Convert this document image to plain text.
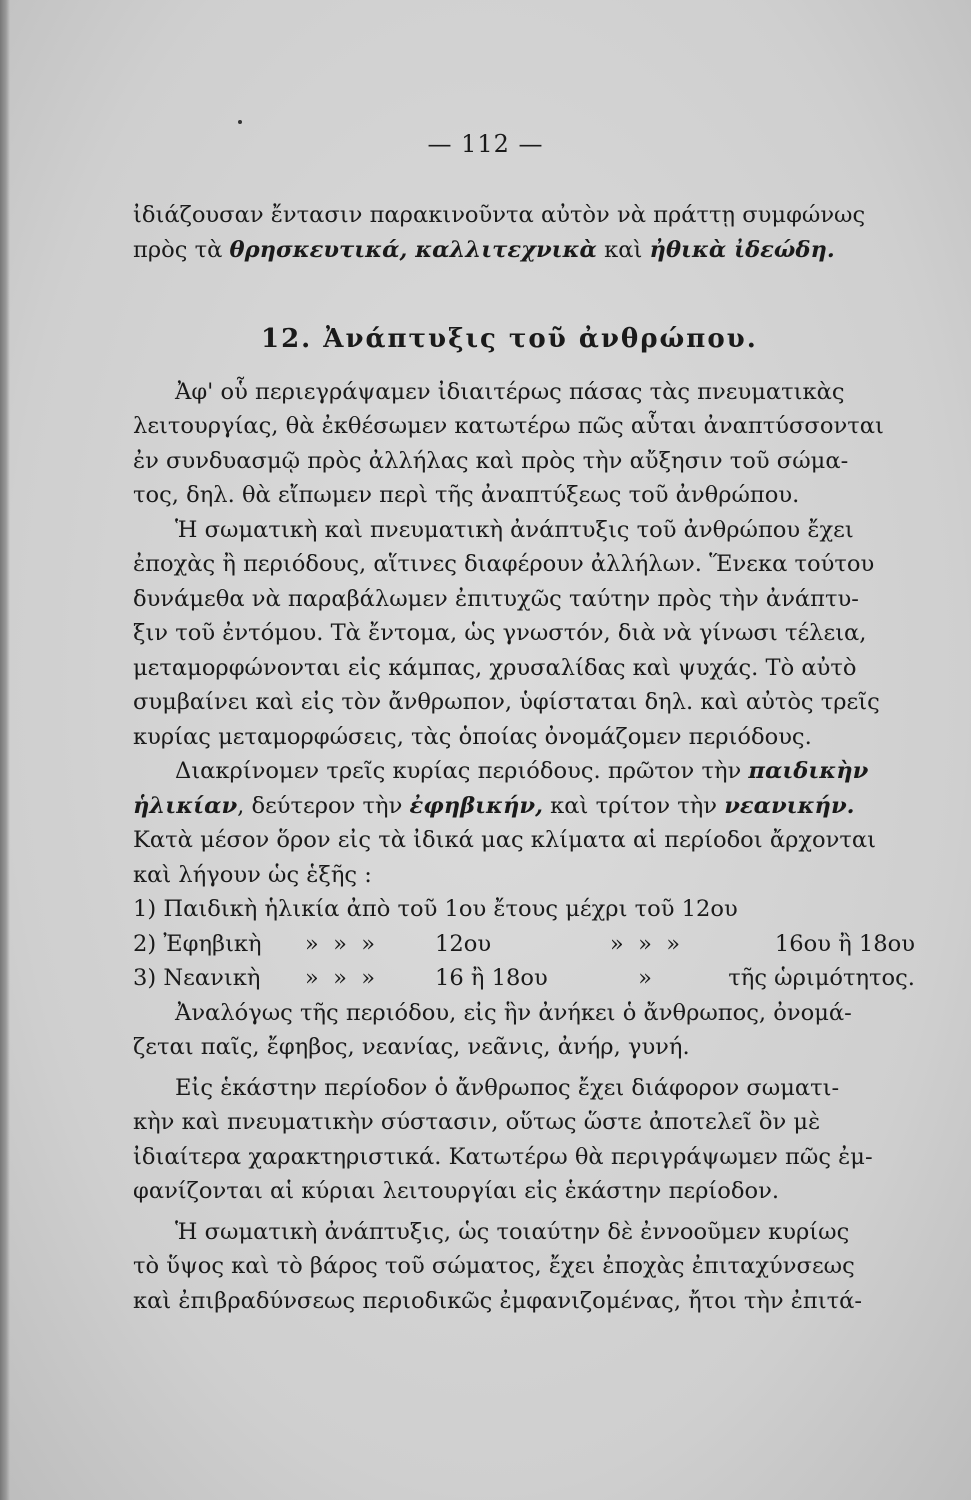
— 112 —
ἰδιάζουσαν ἔντασιν παρακινοῦντα αὐτὸν νὰ πράττῃ συμφώνως
πρὸς τὰ θρησκευτικά, καλλιτεχνικὰ καὶ ἠθικὰ ἰδεώδη.
12. Ἀνάπτυξις τοῦ ἀνθρώπου.
Ἀφ' οὗ περιεγράψαμεν ἰδιαιτέρως πάσας τὰς πνευματικὰς
λειτουργίας, θὰ ἐκθέσωμεν κατωτέρω πῶς αὗται ἀναπτύσσονται
ἐν συνδυασμῷ πρὸς ἀλλήλας καὶ πρὸς τὴν αὔξησιν τοῦ σώμα-
τος, δηλ. θὰ εἴπωμεν περὶ τῆς ἀναπτύξεως τοῦ ἀνθρώπου.
Ἡ σωματικὴ καὶ πνευματικὴ ἀνάπτυξις τοῦ ἀνθρώπου ἔχει
ἐποχὰς ἢ περιόδους, αἵτινες διαφέρουν ἀλλήλων. Ἕνεκα τούτου
δυνάμεθα νὰ παραβάλωμεν ἐπιτυχῶς ταύτην πρὸς τὴν ἀνάπτυ-
ξιν τοῦ ἐντόμου. Τὰ ἔντομα, ὡς γνωστόν, διὰ νὰ γίνωσι τέλεια,
μεταμορφώνονται εἰς κάμπας, χρυσαλίδας καὶ ψυχάς. Τὸ αὐτὸ
συμβαίνει καὶ εἰς τὸν ἄνθρωπον, ὑφίσταται δηλ. καὶ αὐτὸς τρεῖς
κυρίας μεταμορφώσεις, τὰς ὁποίας ὀνομάζομεν περιόδους.
Διακρίνομεν τρεῖς κυρίας περιόδους. πρῶτον τὴν παιδικὴν
ἡλικίαν , δεύτερον τὴν ἐφηβικήν, καὶ τρίτον τὴν νεανικήν.
Κατὰ μέσον ὅρον εἰς τὰ ἰδικά μας κλίματα αἱ περίοδοι ἄρχονται
καὶ λήγουν ὡς ἑξῆς :
1) Παιδικὴ ἡλικία ἀπὸ τοῦ 1ου ἔτους μέχρι τοῦ 12ου
2) Ἐφηβικὴ	»  »  »	12ου	»  »  »	16ου ἢ 18ου
3) Νεανικὴ	»  »  »	16 ἢ 18ου	»	τῆς ὡριμότητος.
Ἀναλόγως τῆς περιόδου, εἰς ἣν ἀνήκει ὁ ἄνθρωπος, ὀνομά-
ζεται παῖς, ἔφηβος, νεανίας, νεᾶνις, ἀνήρ, γυνή.
Εἰς ἑκάστην περίοδον ὁ ἄνθρωπος ἔχει διάφορον σωματι-
κὴν καὶ πνευματικὴν σύστασιν, οὕτως ὥστε ἀποτελεῖ ὂν μὲ
ἰδιαίτερα χαρακτηριστικά. Κατωτέρω θὰ περιγράψωμεν πῶς ἐμ-
φανίζονται αἱ κύριαι λειτουργίαι εἰς ἑκάστην περίοδον.
Ἡ σωματικὴ ἀνάπτυξις, ὡς τοιαύτην δὲ ἐννοοῦμεν κυρίως
τὸ ὕψος καὶ τὸ βάρος τοῦ σώματος, ἔχει ἐποχὰς ἐπιταχύνσεως
καὶ ἐπιβραδύνσεως περιοδικῶς ἐμφανιζομένας, ἤτοι τὴν ἐπιτά-
